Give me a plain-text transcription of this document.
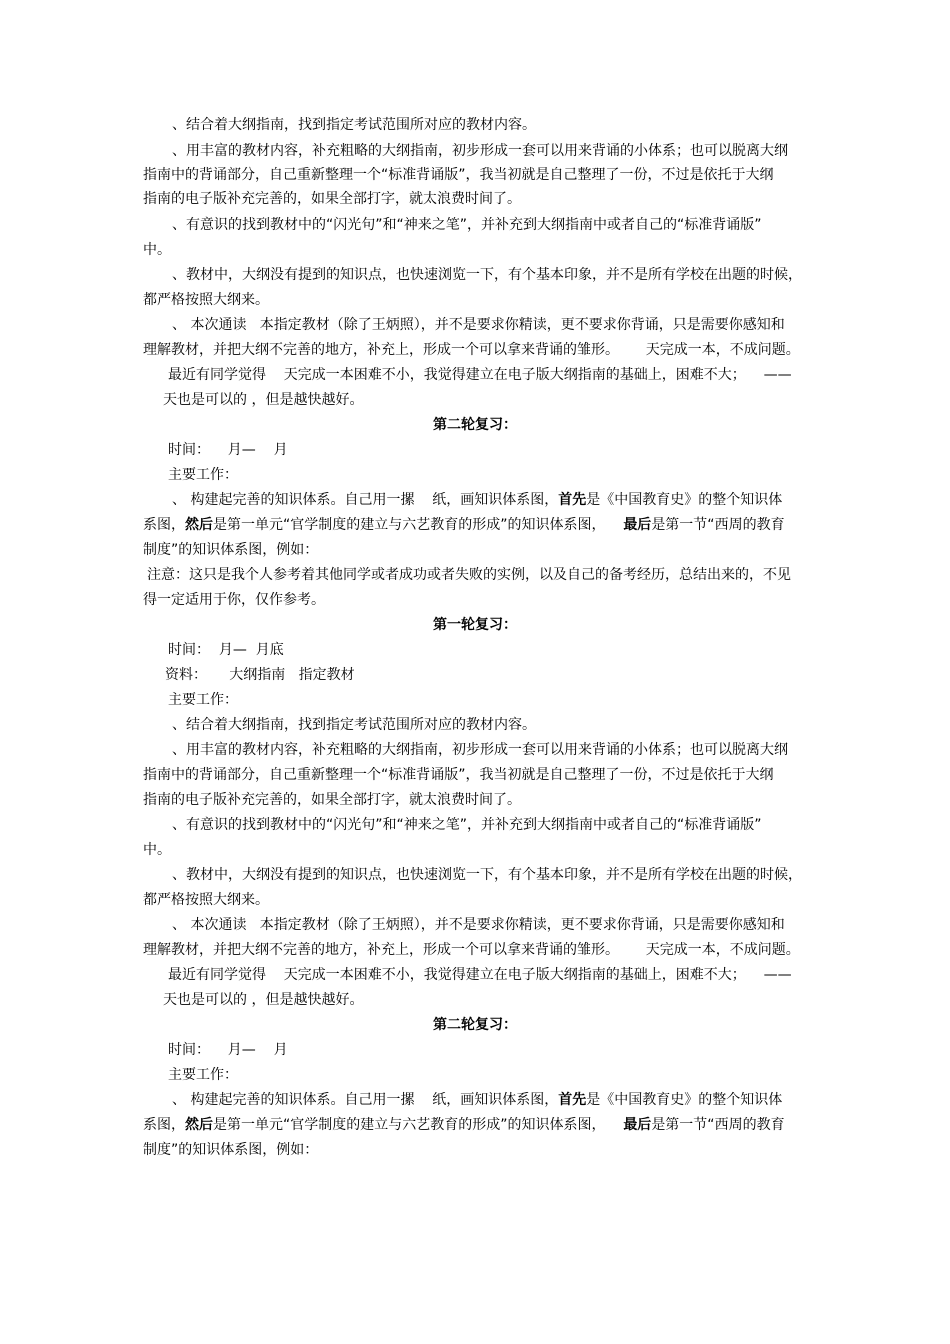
、结合着大纲指南，找到指定考试范围所对应的教材内容。
、用丰富的教材内容，补充粗略的大纲指南，初步形成一套可以用来背诵的小体系；也可以脱离大纲
指南中的背诵部分，自己重新整理一个“标准背诵版”，我当初就是自己整理了一份，不过是依托于大纲
指南的电子版补充完善的，如果全部打字，就太浪费时间了。
、有意识的找到教材中的“闪光句”和“神来之笔”，并补充到大纲指南中或者自己的“标准背诵版”
中。
、教材中，大纲没有提到的知识点，也快速浏览一下，有个基本印象，并不是所有学校在出题的时候，
都严格按照大纲来。
、 本次通读   本指定教材（除了王炳照），并不是要求你精读，更不要求你背诵，只是需要你感知和
理解教材，并把大纲不完善的地方，补充上，形成一个可以拿来背诵的雏形。      天完成一本，不成问题。
最近有同学觉得    天完成一本困难不小，我觉得建立在电子版大纲指南的基础上，困难不大；    ——
天也是可以的 ，但是越快越好。
第二轮复习：
时间：    月—    月
主要工作：
、 构建起完善的知识体系。自己用一摞    纸，画知识体系图，首先是《中国教育史》的整个知识体
系图，然后是第一单元“官学制度的建立与六艺教育的形成”的知识体系图，    最后是第一节“西周的教育
制度”的知识体系图，例如：
注意：这只是我个人参考着其他同学或者成功或者失败的实例，以及自己的备考经历，总结出来的，不见
得一定适用于你，仅作参考。
第一轮复习：
时间：  月—  月底
资料：     大纲指南   指定教材
主要工作：
、结合着大纲指南，找到指定考试范围所对应的教材内容。
、用丰富的教材内容，补充粗略的大纲指南，初步形成一套可以用来背诵的小体系；也可以脱离大纲
指南中的背诵部分，自己重新整理一个“标准背诵版”，我当初就是自己整理了一份，不过是依托于大纲
指南的电子版补充完善的，如果全部打字，就太浪费时间了。
、有意识的找到教材中的“闪光句”和“神来之笔”，并补充到大纲指南中或者自己的“标准背诵版”
中。
、教材中，大纲没有提到的知识点，也快速浏览一下，有个基本印象，并不是所有学校在出题的时候，
都严格按照大纲来。
、 本次通读   本指定教材（除了王炳照），并不是要求你精读，更不要求你背诵，只是需要你感知和
理解教材，并把大纲不完善的地方，补充上，形成一个可以拿来背诵的雏形。      天完成一本，不成问题。
最近有同学觉得    天完成一本困难不小，我觉得建立在电子版大纲指南的基础上，困难不大；    ——
天也是可以的 ，但是越快越好。
第二轮复习：
时间：    月—    月
主要工作：
、 构建起完善的知识体系。自己用一摞    纸，画知识体系图，首先是《中国教育史》的整个知识体
系图，然后是第一单元“官学制度的建立与六艺教育的形成”的知识体系图，    最后是第一节“西周的教育
制度”的知识体系图，例如：
